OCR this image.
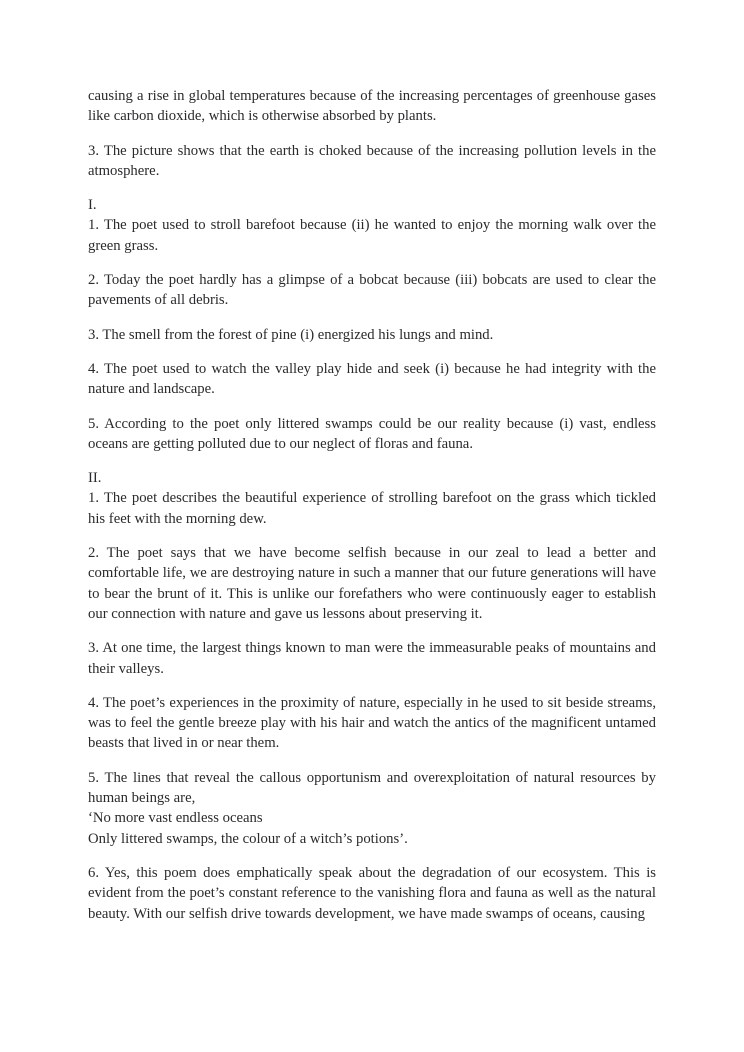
causing a rise in global temperatures because of the increasing percentages of greenhouse gases like carbon dioxide, which is otherwise absorbed by plants.

3. The picture shows that the earth is choked because of the increasing pollution levels in the atmosphere.

I.

1. The poet used to stroll barefoot because (ii) he wanted to enjoy the morning walk over the green grass.

2. Today the poet hardly has a glimpse of a bobcat because (iii) bobcats are used to clear the pavements of all debris.

3. The smell from the forest of pine (i) energized his lungs and mind.

4. The poet used to watch the valley play hide and seek (i) because he had integrity with the nature and landscape.

5. According to the poet only littered swamps could be our reality because (i) vast, endless oceans are getting polluted due to our neglect of floras and fauna.

II.

1. The poet describes the beautiful experience of strolling barefoot on the grass which tickled his feet with the morning dew.

2. The poet says that we have become selfish because in our zeal to lead a better and comfortable life, we are destroying nature in such a manner that our future generations will have to bear the brunt of it. This is unlike our forefathers who were continuously eager to establish our connection with nature and gave us lessons about preserving it.

3. At one time, the largest things known to man were the immeasurable peaks of mountains and their valleys.

4. The poet’s experiences in the proximity of nature, especially in he used to sit beside streams, was to feel the gentle breeze play with his hair and watch the antics of the magnificent untamed beasts that lived in or near them.

5. The lines that reveal the callous opportunism and overexploitation of natural resources by human beings are,

‘No more vast endless oceans

Only littered swamps, the colour of a witch’s potions’.

6. Yes, this poem does emphatically speak about the degradation of our ecosystem. This is evident from the poet’s constant reference to the vanishing flora and fauna as well as the natural beauty. With our selfish drive towards development, we have made swamps of oceans, causing
